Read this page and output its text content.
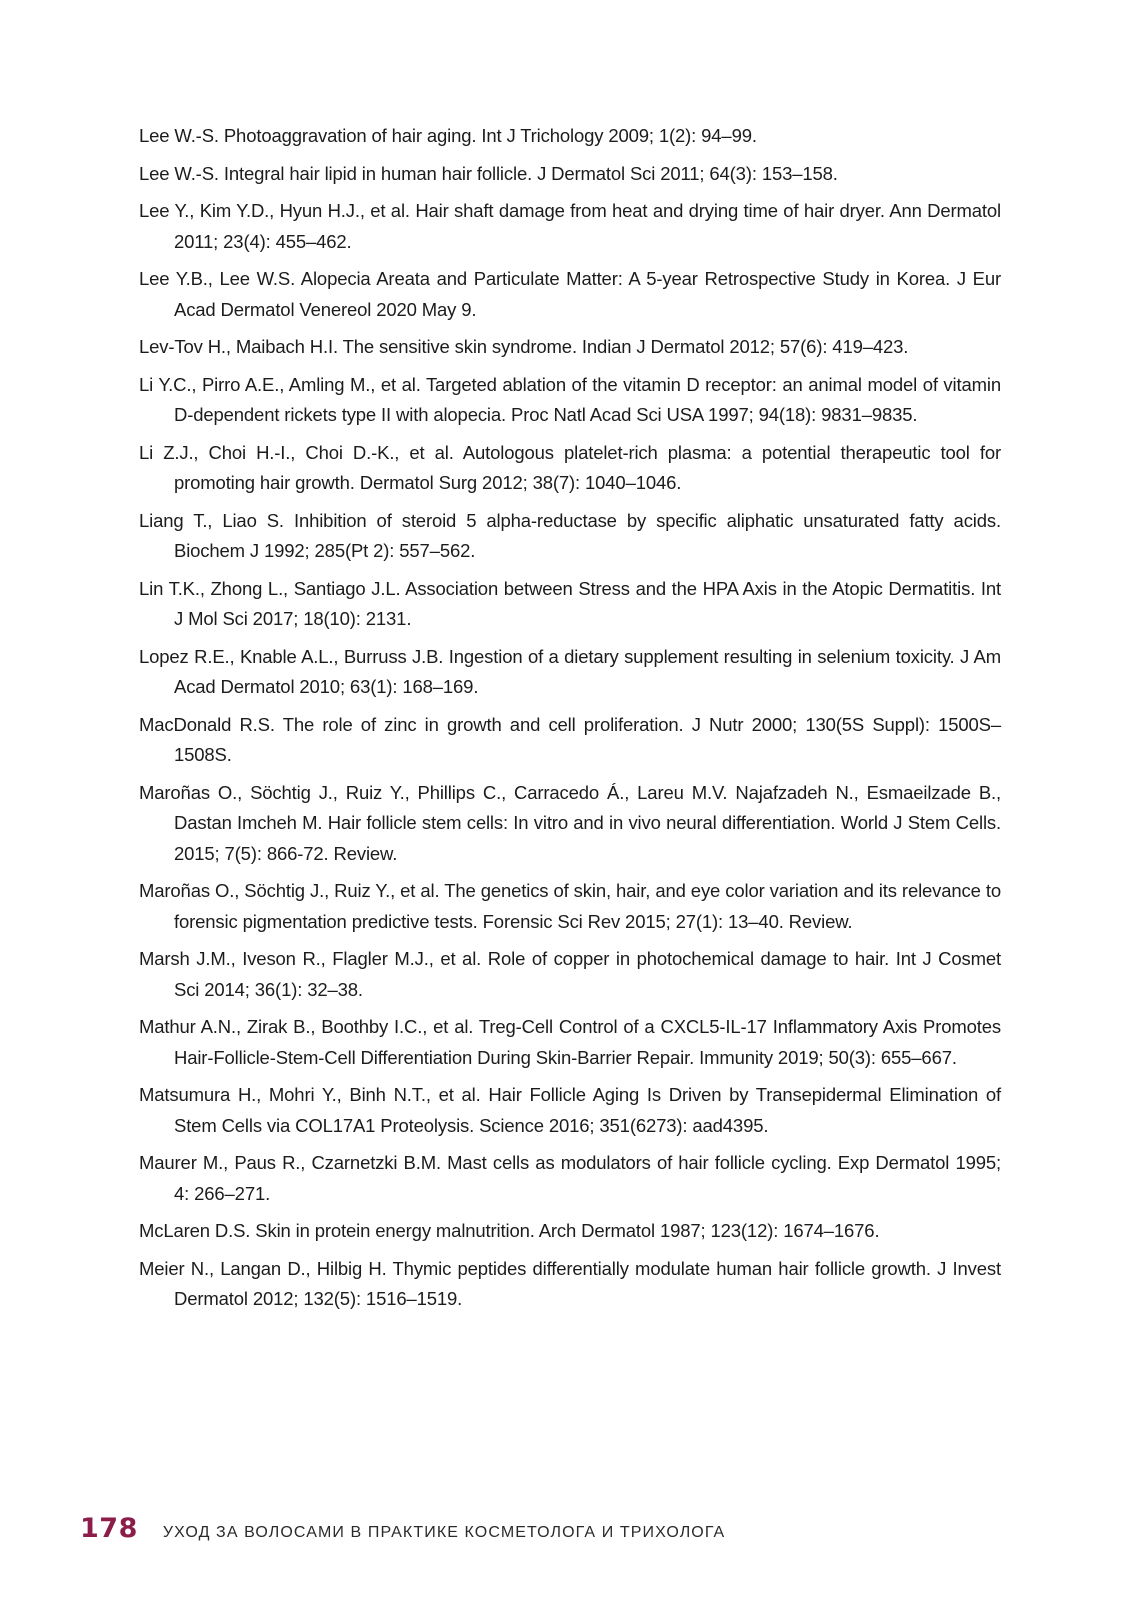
Lee W.-S. Photoaggravation of hair aging. Int J Trichology 2009; 1(2): 94–99.
Lee W.-S. Integral hair lipid in human hair follicle. J Dermatol Sci 2011; 64(3): 153–158.
Lee Y., Kim Y.D., Hyun H.J., et al. Hair shaft damage from heat and drying time of hair dryer. Ann Dermatol 2011; 23(4): 455–462.
Lee Y.B., Lee W.S. Alopecia Areata and Particulate Matter: A 5-year Retrospective Study in Korea. J Eur Acad Dermatol Venereol 2020 May 9.
Lev-Tov H., Maibach H.I. The sensitive skin syndrome. Indian J Dermatol 2012; 57(6): 419–423.
Li Y.C., Pirro A.E., Amling M., et al. Targeted ablation of the vitamin D receptor: an animal model of vitamin D-dependent rickets type II with alopecia. Proc Natl Acad Sci USA 1997; 94(18): 9831–9835.
Li Z.J., Choi H.-I., Choi D.-K., et al. Autologous platelet-rich plasma: a potential therapeutic tool for promoting hair growth. Dermatol Surg 2012; 38(7): 1040–1046.
Liang T., Liao S. Inhibition of steroid 5 alpha-reductase by specific aliphatic unsaturated fatty acids. Biochem J 1992; 285(Pt 2): 557–562.
Lin T.K., Zhong L., Santiago J.L. Association between Stress and the HPA Axis in the Atopic Dermatitis. Int J Mol Sci 2017; 18(10): 2131.
Lopez R.E., Knable A.L., Burruss J.B. Ingestion of a dietary supplement resulting in selenium toxicity. J Am Acad Dermatol 2010; 63(1): 168–169.
MacDonald R.S. The role of zinc in growth and cell proliferation. J Nutr 2000; 130(5S Suppl): 1500S–1508S.
Maroñas O., Söchtig J., Ruiz Y., Phillips C., Carracedo Á., Lareu M.V. Najafzadeh N., Esmaeilzade B., Dastan Imcheh M. Hair follicle stem cells: In vitro and in vivo neural differentiation. World J Stem Cells. 2015; 7(5): 866-72. Review.
Maroñas O., Söchtig J., Ruiz Y., et al. The genetics of skin, hair, and eye color variation and its relevance to forensic pigmentation predictive tests. Forensic Sci Rev 2015; 27(1): 13–40. Review.
Marsh J.M., Iveson R., Flagler M.J., et al. Role of copper in photochemical damage to hair. Int J Cosmet Sci 2014; 36(1): 32–38.
Mathur A.N., Zirak B., Boothby I.C., et al. Treg-Cell Control of a CXCL5-IL-17 Inflammatory Axis Promotes Hair-Follicle-Stem-Cell Differentiation During Skin-Barrier Repair. Immunity 2019; 50(3): 655–667.
Matsumura H., Mohri Y., Binh N.T., et al. Hair Follicle Aging Is Driven by Transepidermal Elimination of Stem Cells via COL17A1 Proteolysis. Science 2016; 351(6273): aad4395.
Maurer M., Paus R., Czarnetzki B.M. Mast cells as modulators of hair follicle cycling. Exp Dermatol 1995; 4: 266–271.
McLaren D.S. Skin in protein energy malnutrition. Arch Dermatol 1987; 123(12): 1674–1676.
Meier N., Langan D., Hilbig H. Thymic peptides differentially modulate human hair follicle growth. J Invest Dermatol 2012; 132(5): 1516–1519.
178 УХОД ЗА ВОЛОСАМИ В ПРАКТИКЕ КОСМЕТОЛОГА И ТРИХОЛОГА
